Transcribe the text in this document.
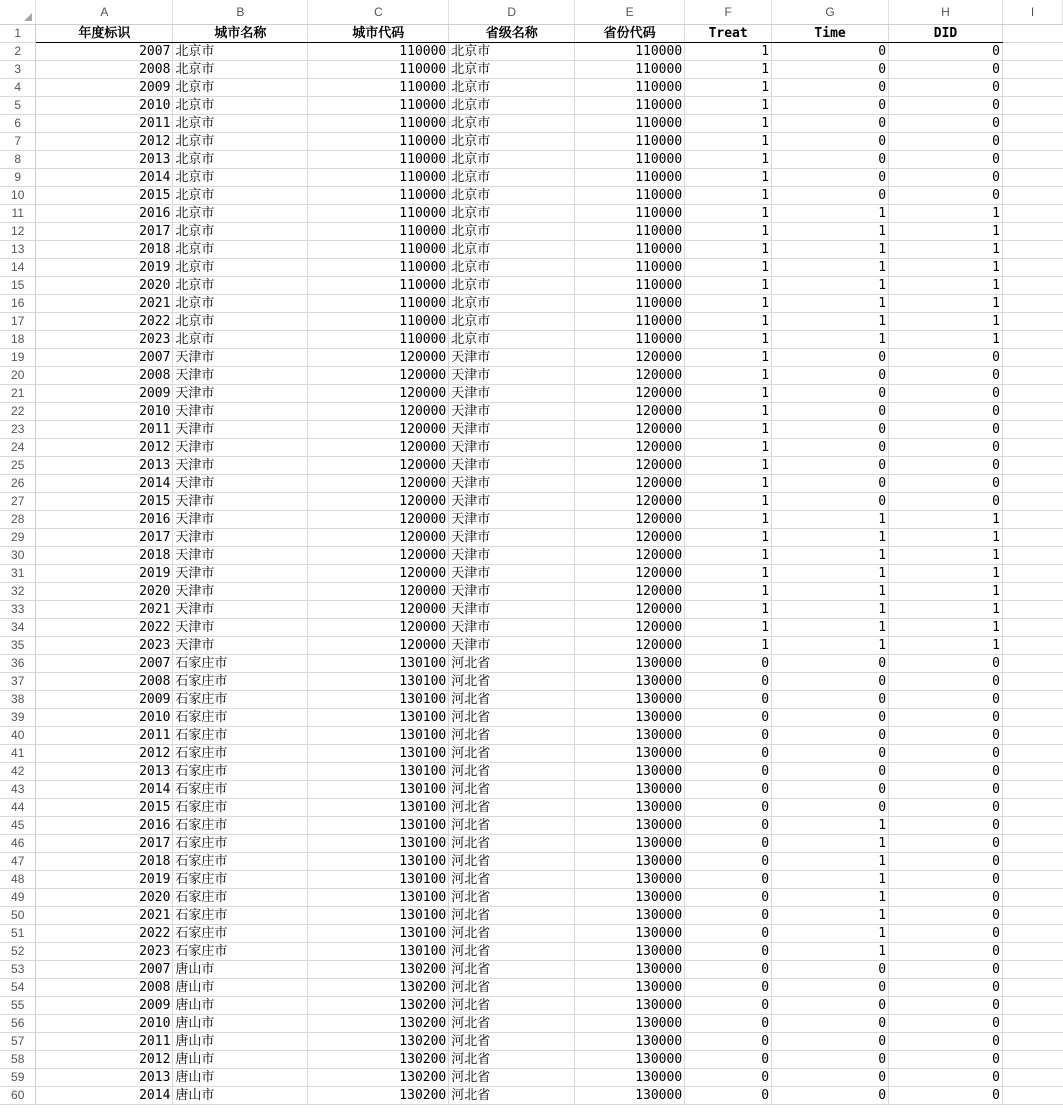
	A	B	C	D	E	F	G	H	I
1	年度标识	城市名称	城市代码	省级名称	省份代码	Treat	Time	DID	
2	2007	北京市	110000	北京市	110000	1	0	0	
3	2008	北京市	110000	北京市	110000	1	0	0	
4	2009	北京市	110000	北京市	110000	1	0	0	
5	2010	北京市	110000	北京市	110000	1	0	0	
6	2011	北京市	110000	北京市	110000	1	0	0	
7	2012	北京市	110000	北京市	110000	1	0	0	
8	2013	北京市	110000	北京市	110000	1	0	0	
9	2014	北京市	110000	北京市	110000	1	0	0	
10	2015	北京市	110000	北京市	110000	1	0	0	
11	2016	北京市	110000	北京市	110000	1	1	1	
12	2017	北京市	110000	北京市	110000	1	1	1	
13	2018	北京市	110000	北京市	110000	1	1	1	
14	2019	北京市	110000	北京市	110000	1	1	1	
15	2020	北京市	110000	北京市	110000	1	1	1	
16	2021	北京市	110000	北京市	110000	1	1	1	
17	2022	北京市	110000	北京市	110000	1	1	1	
18	2023	北京市	110000	北京市	110000	1	1	1	
19	2007	天津市	120000	天津市	120000	1	0	0	
20	2008	天津市	120000	天津市	120000	1	0	0	
21	2009	天津市	120000	天津市	120000	1	0	0	
22	2010	天津市	120000	天津市	120000	1	0	0	
23	2011	天津市	120000	天津市	120000	1	0	0	
24	2012	天津市	120000	天津市	120000	1	0	0	
25	2013	天津市	120000	天津市	120000	1	0	0	
26	2014	天津市	120000	天津市	120000	1	0	0	
27	2015	天津市	120000	天津市	120000	1	0	0	
28	2016	天津市	120000	天津市	120000	1	1	1	
29	2017	天津市	120000	天津市	120000	1	1	1	
30	2018	天津市	120000	天津市	120000	1	1	1	
31	2019	天津市	120000	天津市	120000	1	1	1	
32	2020	天津市	120000	天津市	120000	1	1	1	
33	2021	天津市	120000	天津市	120000	1	1	1	
34	2022	天津市	120000	天津市	120000	1	1	1	
35	2023	天津市	120000	天津市	120000	1	1	1	
36	2007	石家庄市	130100	河北省	130000	0	0	0	
37	2008	石家庄市	130100	河北省	130000	0	0	0	
38	2009	石家庄市	130100	河北省	130000	0	0	0	
39	2010	石家庄市	130100	河北省	130000	0	0	0	
40	2011	石家庄市	130100	河北省	130000	0	0	0	
41	2012	石家庄市	130100	河北省	130000	0	0	0	
42	2013	石家庄市	130100	河北省	130000	0	0	0	
43	2014	石家庄市	130100	河北省	130000	0	0	0	
44	2015	石家庄市	130100	河北省	130000	0	0	0	
45	2016	石家庄市	130100	河北省	130000	0	1	0	
46	2017	石家庄市	130100	河北省	130000	0	1	0	
47	2018	石家庄市	130100	河北省	130000	0	1	0	
48	2019	石家庄市	130100	河北省	130000	0	1	0	
49	2020	石家庄市	130100	河北省	130000	0	1	0	
50	2021	石家庄市	130100	河北省	130000	0	1	0	
51	2022	石家庄市	130100	河北省	130000	0	1	0	
52	2023	石家庄市	130100	河北省	130000	0	1	0	
53	2007	唐山市	130200	河北省	130000	0	0	0	
54	2008	唐山市	130200	河北省	130000	0	0	0	
55	2009	唐山市	130200	河北省	130000	0	0	0	
56	2010	唐山市	130200	河北省	130000	0	0	0	
57	2011	唐山市	130200	河北省	130000	0	0	0	
58	2012	唐山市	130200	河北省	130000	0	0	0	
59	2013	唐山市	130200	河北省	130000	0	0	0	
60	2014	唐山市	130200	河北省	130000	0	0	0	
